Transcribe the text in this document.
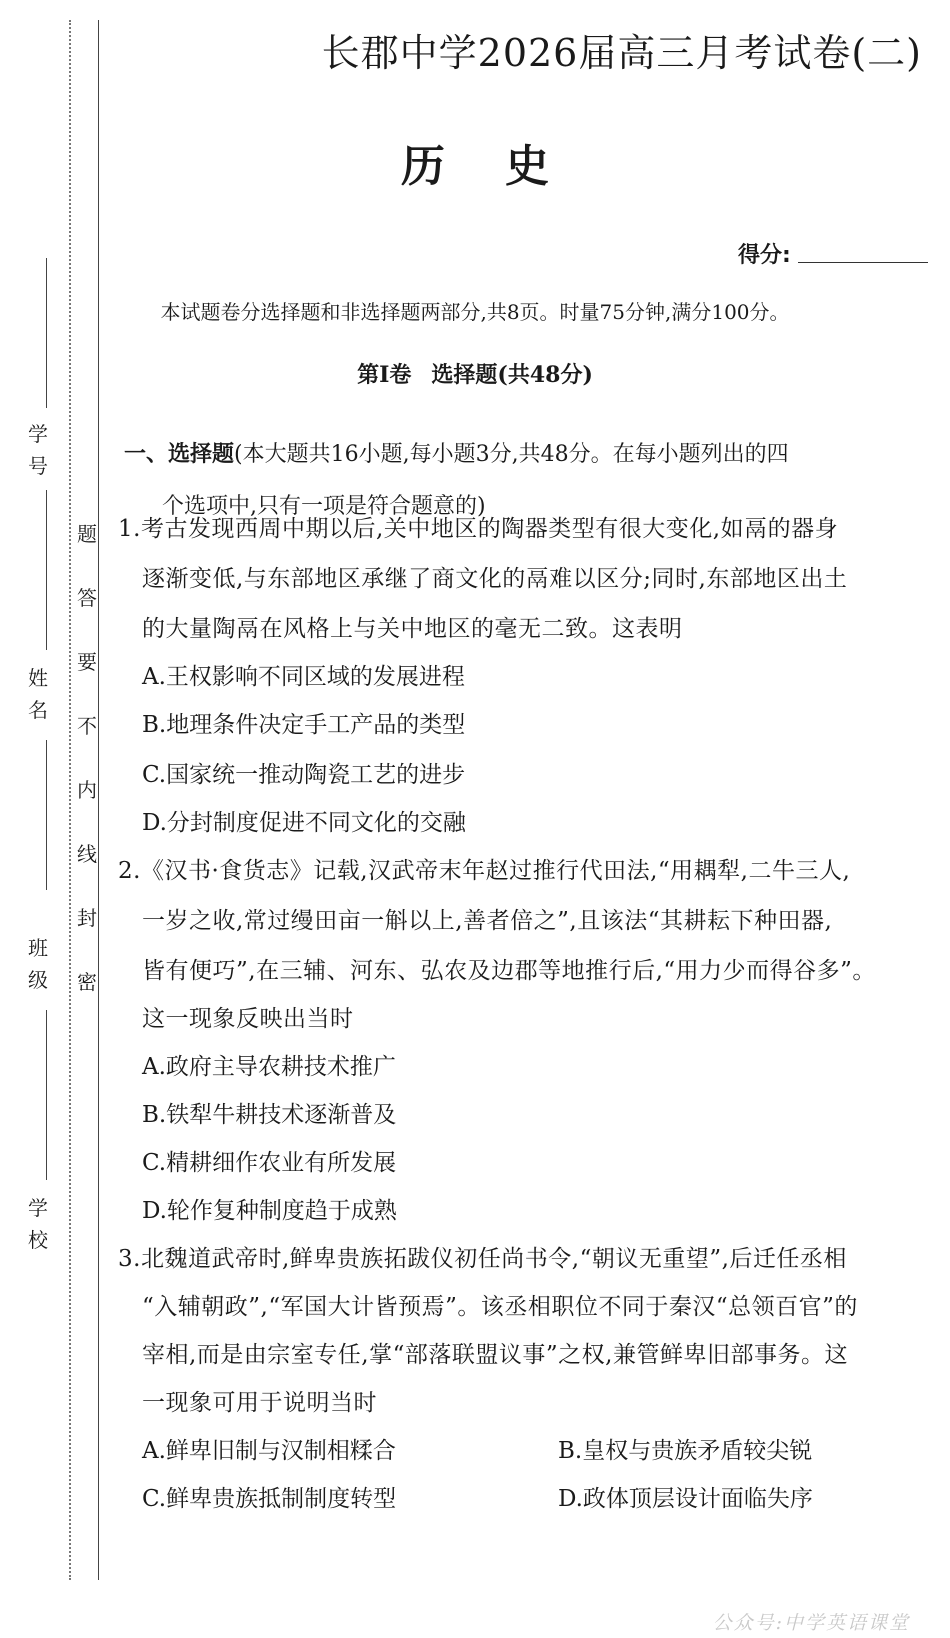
学号
姓名
班级
学校
题
答
要
不
内
线
封
密
长郡中学2026届高三月考试卷(二)
历史
得分:
本试题卷分选择题和非选择题两部分,共8页。时量75分钟,满分100分。
第Ⅰ卷 选择题(共48分)
一、选择题(本大题共16小题,每小题3分,共48分。在每小题列出的四
个选项中,只有一项是符合题意的)
1.考古发现西周中期以后,关中地区的陶器类型有很大变化,如鬲的器身
逐渐变低,与东部地区承继了商文化的鬲难以区分;同时,东部地区出土
的大量陶鬲在风格上与关中地区的毫无二致。这表明
A.王权影响不同区域的发展进程
B.地理条件决定手工产品的类型
C.国家统一推动陶瓷工艺的进步
D.分封制度促进不同文化的交融
2.《汉书·食货志》记载,汉武帝末年赵过推行代田法,“用耦犁,二牛三人,
一岁之收,常过缦田亩一斛以上,善者倍之”,且该法“其耕耘下种田器,
皆有便巧”,在三辅、河东、弘农及边郡等地推行后,“用力少而得谷多”。
这一现象反映出当时
A.政府主导农耕技术推广
B.铁犁牛耕技术逐渐普及
C.精耕细作农业有所发展
D.轮作复种制度趋于成熟
3.北魏道武帝时,鲜卑贵族拓跋仪初任尚书令,“朝议无重望”,后迁任丞相
“入辅朝政”,“军国大计皆预焉”。该丞相职位不同于秦汉“总领百官”的
宰相,而是由宗室专任,掌“部落联盟议事”之权,兼管鲜卑旧部事务。这
一现象可用于说明当时
A.鲜卑旧制与汉制相糅合	B.皇权与贵族矛盾较尖锐
C.鲜卑贵族抵制制度转型	D.政体顶层设计面临失序
公众号:中学英语课堂
